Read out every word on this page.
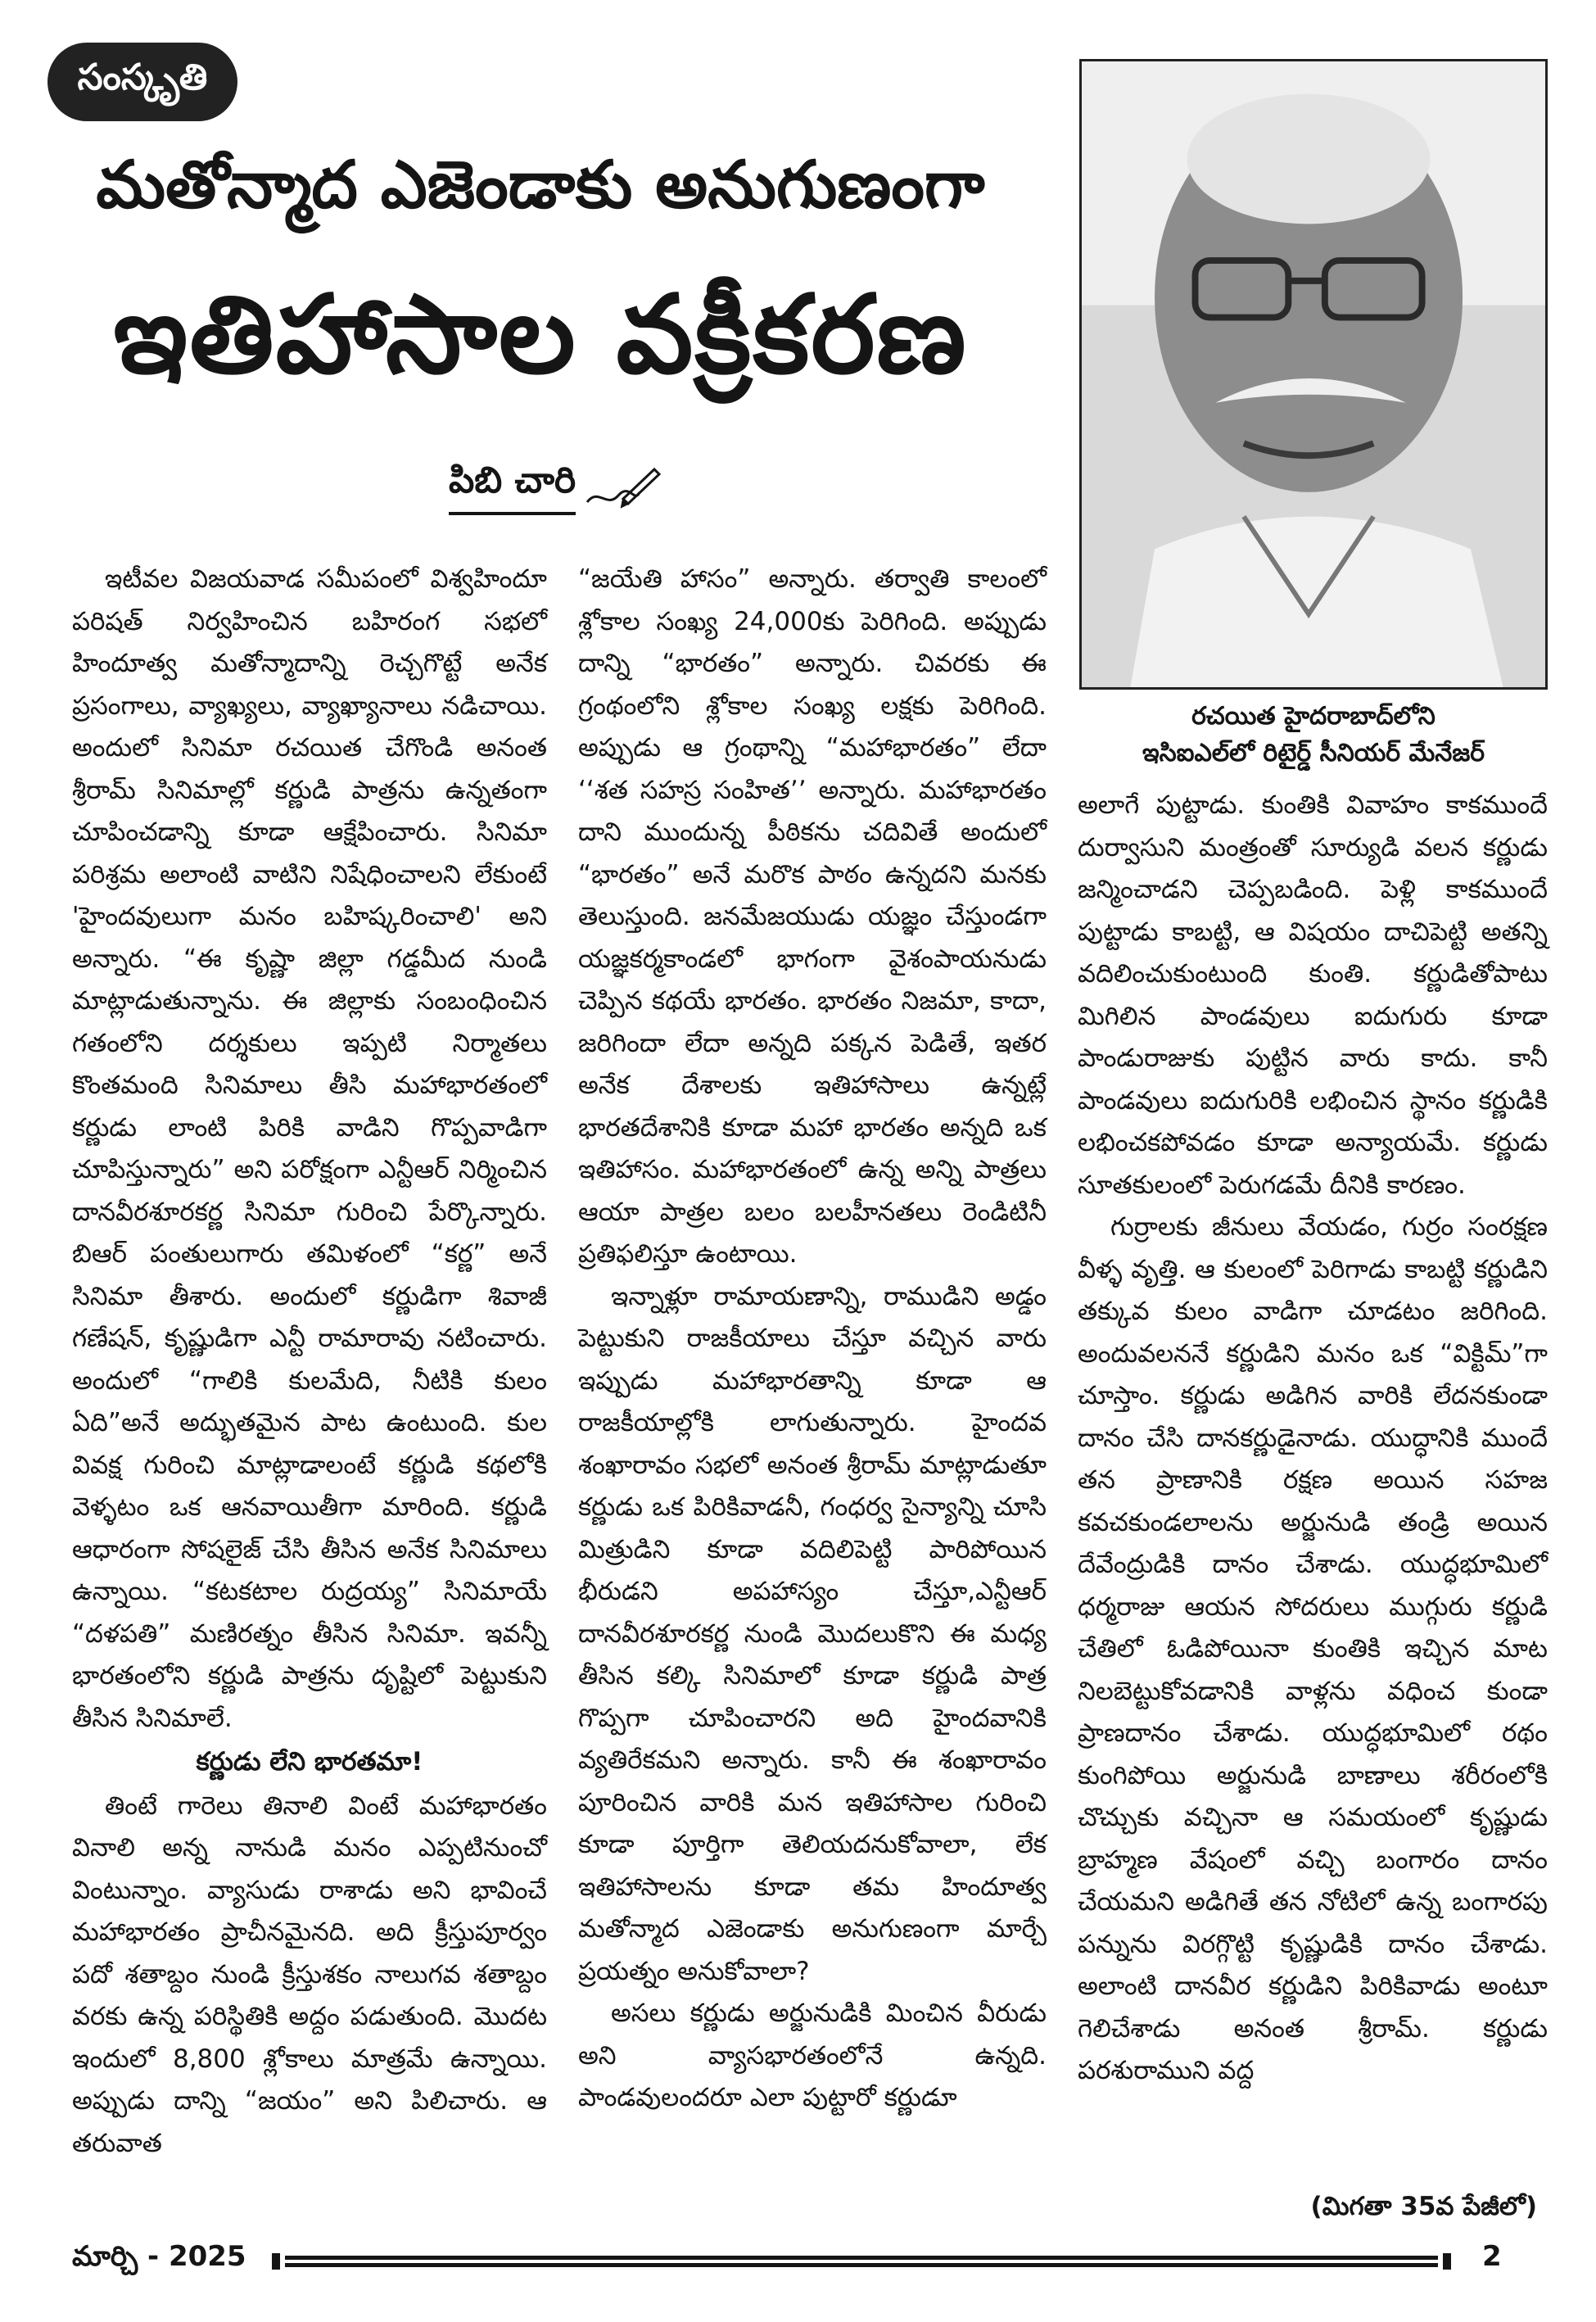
సంస్కృతి
మతోన్మాద ఎజెండాకు అనుగుణంగా
ఇతిహాసాల వక్రీకరణ
పిబి చారి
రచయిత హైదరాబాద్‌లోని
ఇసిఐఎల్‌లో రిటైర్డ్ సీనియర్ మేనేజర్

ఇటీవల విజయవాడ సమీపంలో విశ్వహిందూ పరిషత్ నిర్వహించిన బహిరంగ సభలో హిందూత్వ మతోన్మాదాన్ని రెచ్చగొట్టే అనేక ప్రసంగాలు, వ్యాఖ్యలు, వ్యాఖ్యానాలు నడిచాయి. అందులో సినిమా రచయిత చేగొండి అనంత శ్రీరామ్ సినిమాల్లో కర్ణుడి పాత్రను ఉన్నతంగా చూపించడాన్ని కూడా ఆక్షేపించారు. సినిమా పరిశ్రమ అలాంటి వాటిని నిషేధించాలని లేకుంటే 'హైందవులుగా మనం బహిష్కరించాలి' అని అన్నారు. “ఈ కృష్ణా జిల్లా గడ్డమీద నుండి మాట్లాడుతున్నాను. ఈ జిల్లాకు సంబంధించిన గతంలోని దర్శకులు ఇప్పటి నిర్మాతలు కొంతమంది సినిమాలు తీసి మహాభారతంలో కర్ణుడు లాంటి పిరికి వాడిని గొప్పవాడిగా చూపిస్తున్నారు” అని పరోక్షంగా ఎన్టీఆర్ నిర్మించిన దానవీరశూరకర్ణ సినిమా గురించి పేర్కొన్నారు. బిఆర్ పంతులుగారు తమిళంలో “కర్ణ” అనే సినిమా తీశారు. అందులో కర్ణుడిగా శివాజీ గణేషన్, కృష్ణుడిగా ఎన్టీ రామారావు నటించారు. అందులో “గాలికి కులమేది, నీటికి కులం ఏది”అనే అద్భుతమైన పాట ఉంటుంది. కుల వివక్ష గురించి మాట్లాడాలంటే కర్ణుడి కథలోకి వెళ్ళటం ఒక ఆనవాయితీగా మారింది. కర్ణుడి ఆధారంగా సోషలైజ్ చేసి తీసిన అనేక సినిమాలు ఉన్నాయి. “కటకటాల రుద్రయ్య” సినిమాయే “దళపతి” మణిరత్నం తీసిన సినిమా. ఇవన్నీ భారతంలోని కర్ణుడి పాత్రను దృష్టిలో పెట్టుకుని తీసిన సినిమాలే.

కర్ణుడు లేని భారతమా!

తింటే గారెలు తినాలి వింటే మహాభారతం వినాలి అన్న నానుడి మనం ఎప్పటినుంచో వింటున్నాం. వ్యాసుడు రాశాడు అని భావించే మహాభారతం ప్రాచీనమైనది. అది క్రీస్తుపూర్వం పదో శతాబ్దం నుండి క్రీస్తుశకం నాలుగవ శతాబ్దం వరకు ఉన్న పరిస్థితికి అద్దం పడుతుంది. మొదట ఇందులో 8,800 శ్లోకాలు మాత్రమే ఉన్నాయి. అప్పుడు దాన్ని “జయం” అని పిలిచారు. ఆ తరువాత

“జయేతి హాసం” అన్నారు. తర్వాతి కాలంలో శ్లోకాల సంఖ్య 24,000కు పెరిగింది. అప్పుడు దాన్ని “భారతం” అన్నారు. చివరకు ఈ గ్రంథంలోని శ్లోకాల సంఖ్య లక్షకు పెరిగింది. అప్పుడు ఆ గ్రంథాన్ని “మహాభారతం” లేదా ‘‘శత సహస్ర సంహిత’’ అన్నారు. మహాభారతం దాని ముందున్న పీఠికను చదివితే అందులో “భారతం” అనే మరొక పాఠం ఉన్నదని మనకు తెలుస్తుంది. జనమేజయుడు యజ్ఞం చేస్తుండగా యజ్ఞకర్మకాండలో భాగంగా వైశంపాయనుడు చెప్పిన కథయే భారతం. భారతం నిజమా, కాదా, జరిగిందా లేదా అన్నది పక్కన పెడితే, ఇతర అనేక దేశాలకు ఇతిహాసాలు ఉన్నట్లే భారతదేశానికి కూడా మహా భారతం అన్నది ఒక ఇతిహాసం. మహాభారతంలో ఉన్న అన్ని పాత్రలు ఆయా పాత్రల బలం బలహీనతలు రెండిటినీ ప్రతిఫలిస్తూ ఉంటాయి.

ఇన్నాళ్లూ రామాయణాన్ని, రాముడిని అడ్డం పెట్టుకుని రాజకీయాలు చేస్తూ వచ్చిన వారు ఇప్పుడు మహాభారతాన్ని కూడా ఆ రాజకీయాల్లోకి లాగుతున్నారు. హైందవ శంఖారావం సభలో అనంత శ్రీరామ్ మాట్లాడుతూ కర్ణుడు ఒక పిరికివాడనీ, గంధర్వ సైన్యాన్ని చూసి మిత్రుడిని కూడా వదిలిపెట్టి పారిపోయిన భీరుడని అపహాస్యం చేస్తూ,ఎన్టీఆర్ దానవీరశూరకర్ణ నుండి మొదలుకొని ఈ మధ్య తీసిన కల్కి సినిమాలో కూడా కర్ణుడి పాత్ర గొప్పగా చూపించారని అది హైందవానికి వ్యతిరేకమని అన్నారు. కానీ ఈ శంఖారావం పూరించిన వారికి మన ఇతిహాసాల గురించి కూడా పూర్తిగా తెలియదనుకోవాలా, లేక ఇతిహాసాలను కూడా తమ హిందూత్వ మతోన్మాద ఎజెండాకు అనుగుణంగా మార్చే ప్రయత్నం అనుకోవాలా?

అసలు కర్ణుడు అర్జునుడికి మించిన వీరుడు అని వ్యాసభారతంలోనే ఉన్నది. పాండవులందరూ ఎలా పుట్టారో కర్ణుడూ

అలాగే పుట్టాడు. కుంతికి వివాహం కాకముందే దుర్వాసుని మంత్రంతో సూర్యుడి వలన కర్ణుడు జన్మించాడని చెప్పబడింది. పెళ్లి కాకముందే పుట్టాడు కాబట్టి, ఆ విషయం దాచిపెట్టి అతన్ని వదిలించుకుంటుంది కుంతి. కర్ణుడితోపాటు మిగిలిన పాండవులు ఐదుగురు కూడా పాండురాజుకు పుట్టిన వారు కాదు. కానీ పాండవులు ఐదుగురికి లభించిన స్థానం కర్ణుడికి లభించకపోవడం కూడా అన్యాయమే. కర్ణుడు సూతకులంలో పెరుగడమే దీనికి కారణం.

గుర్రాలకు జీనులు వేయడం, గుర్రం సంరక్షణ వీళ్ళ వృత్తి. ఆ కులంలో పెరిగాడు కాబట్టి కర్ణుడిని తక్కువ కులం వాడిగా చూడటం జరిగింది. అందువలననే కర్ణుడిని మనం ఒక “విక్టిమ్”గా చూస్తాం. కర్ణుడు అడిగిన వారికి లేదనకుండా దానం చేసి దానకర్ణుడైనాడు. యుద్ధానికి ముందే తన ప్రాణానికి రక్షణ అయిన సహజ కవచకుండలాలను అర్జునుడి తండ్రి అయిన దేవేంద్రుడికి దానం చేశాడు. యుద్ధభూమిలో ధర్మరాజు ఆయన సోదరులు ముగ్గురు కర్ణుడి చేతిలో ఓడిపోయినా కుంతికి ఇచ్చిన మాట నిలబెట్టుకోవడానికి వాళ్లను వధించ కుండా ప్రాణదానం చేశాడు. యుద్ధభూమిలో రథం కుంగిపోయి అర్జునుడి బాణాలు శరీరంలోకి చొచ్చుకు వచ్చినా ఆ సమయంలో కృష్ణుడు బ్రాహ్మణ వేషంలో వచ్చి బంగారం దానం చేయమని అడిగితే తన నోటిలో ఉన్న బంగారపు పన్నును విరగ్గొట్టి కృష్ణుడికి దానం చేశాడు. అలాంటి దానవీర కర్ణుడిని పిరికివాడు అంటూ గెలిచేశాడు అనంత శ్రీరామ్. కర్ణుడు పరశురాముని వద్ద

(మిగతా 35వ పేజీలో)
మార్చి - 2025	2
